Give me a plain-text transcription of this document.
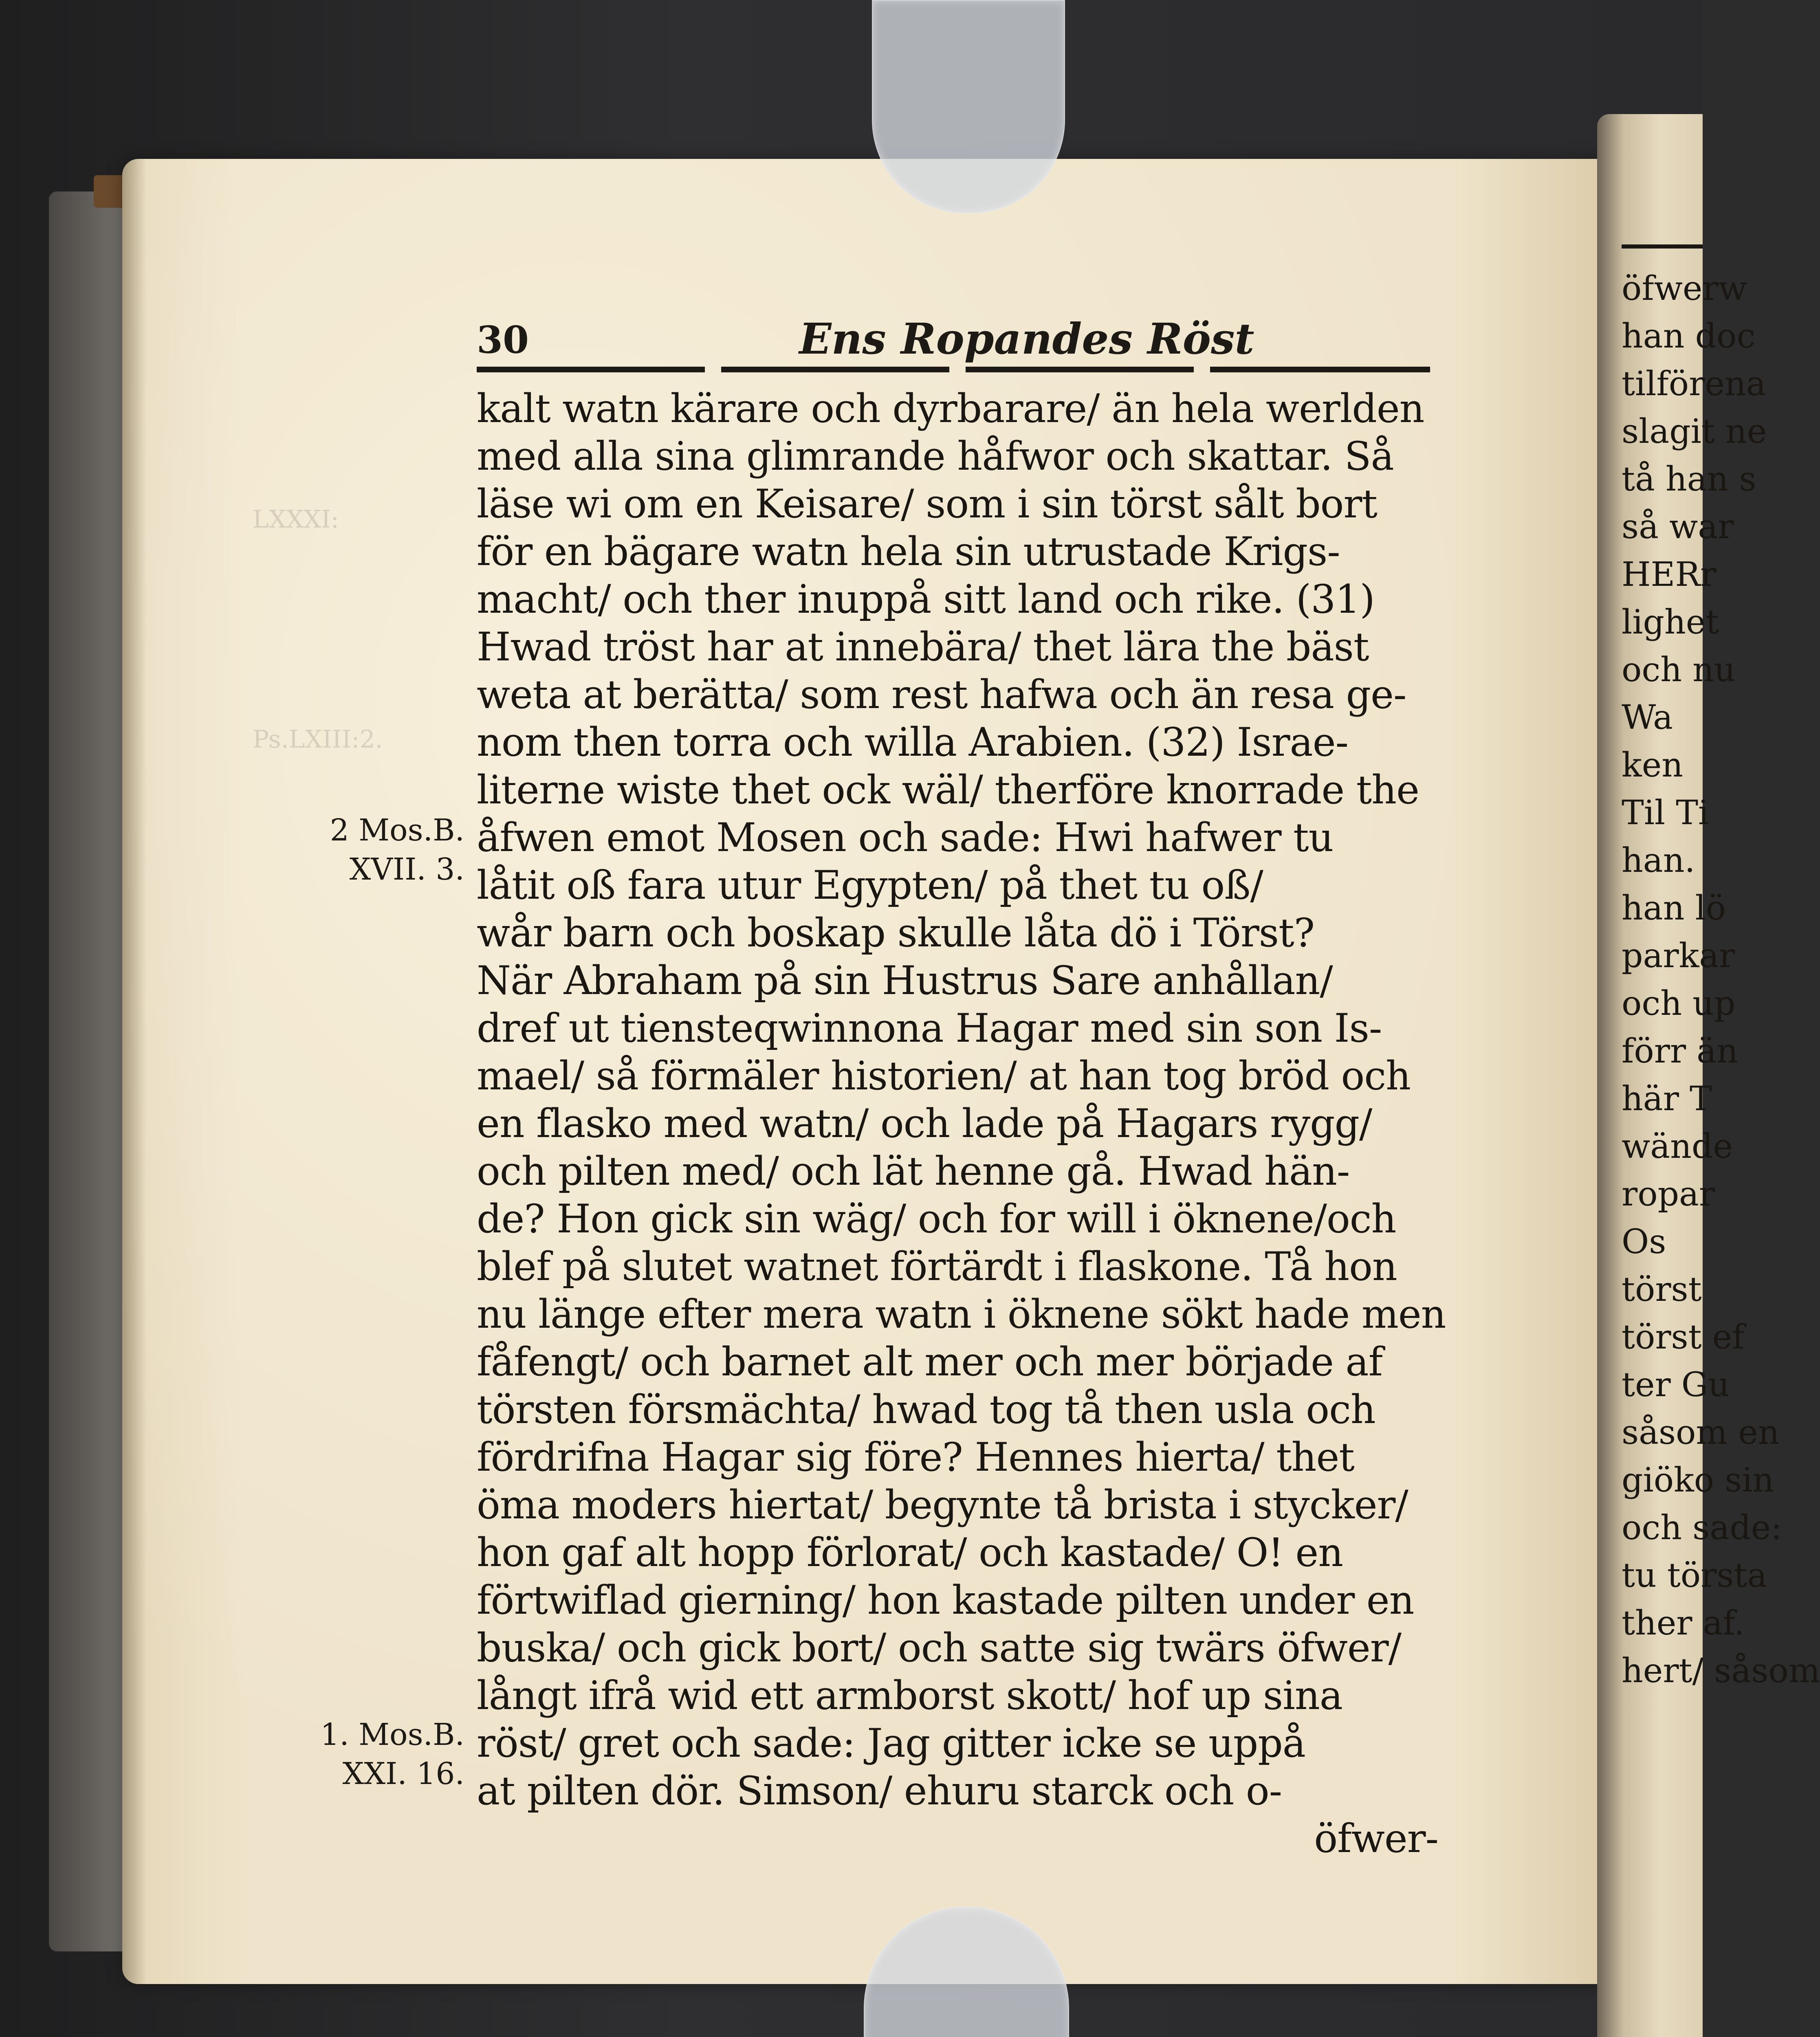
öfwerw
han doc
tilförena
slagit ne
tå han s
så war
HERr
lighet
och nu
Wa
ken
Til Ti
han.
han lö
parkar
och up
förr än
här T
wände
ropar
Os
törst
törst ef
ter Gu
såsom en
giöko sin
och sade:
tu törsta
ther af.
hert/ såsom
LXXXI:
Ps.LXIII:2.
30	Ens Ropandes Röst
kalt watn kärare och dyrbarare/ än hela werlden
med alla sina glimrande håfwor och skattar. Så
läse wi om en Keisare/ som i sin törst sålt bort
för en bägare watn hela sin utrustade Krigs-
macht/ och ther inuppå sitt land och rike. (31)
Hwad tröst har at innebära/ thet lära the bäst
weta at berätta/ som rest hafwa och än resa ge-
nom then torra och willa Arabien. (32) Israe-
literne wiste thet ock wäl/ therföre knorrade the
åfwen emot Mosen och sade: Hwi hafwer tu
låtit oß fara utur Egypten/ på thet tu oß/
wår barn och boskap skulle låta dö i Törst?
När Abraham på sin Hustrus Sare anhållan/
dref ut tiensteqwinnona Hagar med sin son Is-
mael/ så förmäler historien/ at han tog bröd och
en flasko med watn/ och lade på Hagars rygg/
och pilten med/ och lät henne gå. Hwad hän-
de? Hon gick sin wäg/ och for will i öknene/och
blef på slutet watnet förtärdt i flaskone. Tå hon
nu länge efter mera watn i öknene sökt hade men
fåfengt/ och barnet alt mer och mer började af
törsten försmächta/ hwad tog tå then usla och
fördrifna Hagar sig före? Hennes hierta/ thet
öma moders hiertat/ begynte tå brista i stycker/
hon gaf alt hopp förlorat/ och kastade/ O! en
förtwiflad gierning/ hon kastade pilten under en
buska/ och gick bort/ och satte sig twärs öfwer/
långt ifrå wid ett armborst skott/ hof up sina
röst/ gret och sade: Jag gitter icke se uppå
at pilten dör. Simson/ ehuru starck och o-
öfwer-
2 Mos.B.
XVII. 3.
1. Mos.B.
XXI. 16.
